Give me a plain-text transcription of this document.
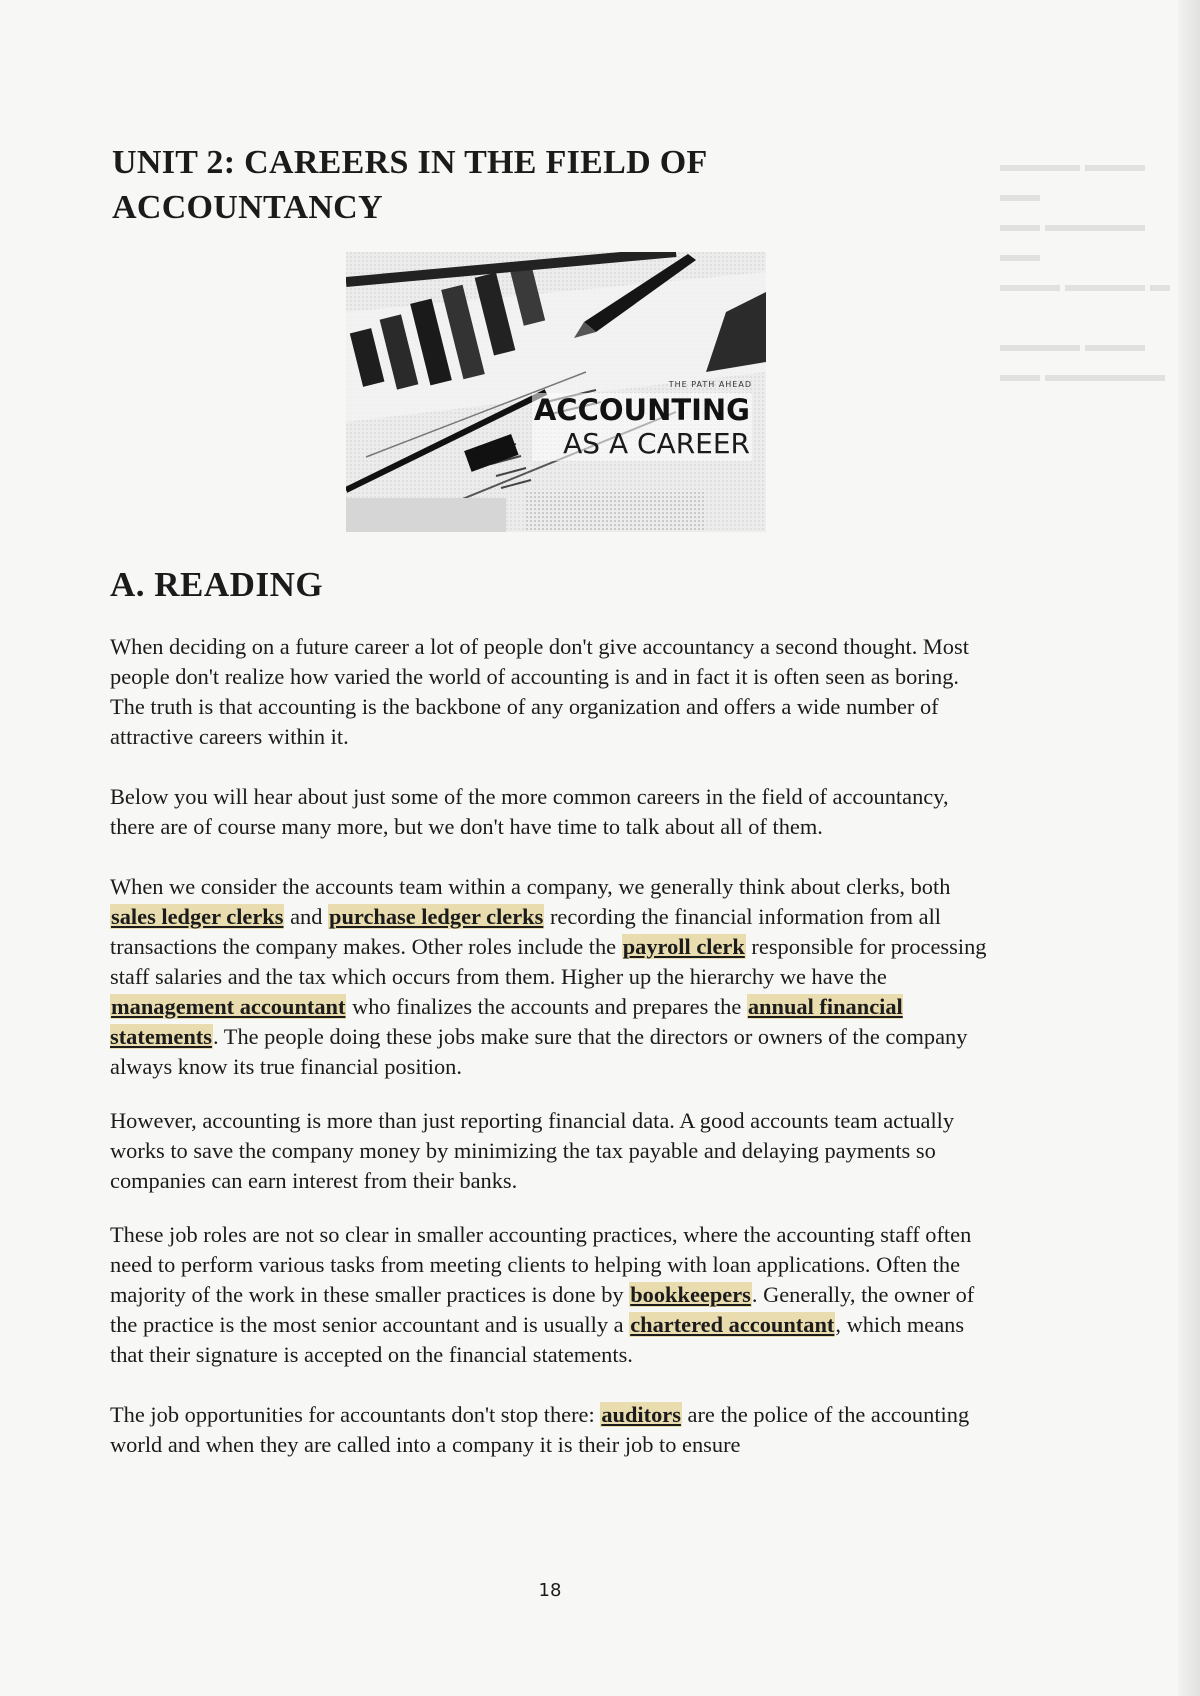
▬▬▬▬ ▬▬▬ ▬▬
▬▬ ▬▬▬▬▬ ▬▬
▬▬▬ ▬▬▬▬ ▬

▬▬▬▬ ▬▬▬
▬▬ ▬▬▬▬▬▬
UNIT 2: CAREERS IN THE FIELD OF
ACCOUNTANCY
THE PATH AHEAD
ACCOUNTING
AS A CAREER
A. READING

When deciding on a future career a lot of people don't give accountancy a second thought. Most people don't realize how varied the world of accounting is and in fact it is often seen as boring. The truth is that accounting is the backbone of any organization and offers a wide number of attractive careers within it.

Below you will hear about just some of the more common careers in the field of accountancy, there are of course many more, but we don't have time to talk about all of them.

When we consider the accounts team within a company, we generally think about clerks, both sales ledger clerks and purchase ledger clerks recording the financial information from all transactions the company makes. Other roles include the payroll clerk responsible for processing staff salaries and the tax which occurs from them. Higher up the hierarchy we have the management accountant who finalizes the accounts and prepares the annual financial statements. The people doing these jobs make sure that the directors or owners of the company always know its true financial position.

However, accounting is more than just reporting financial data. A good accounts team actually works to save the company money by minimizing the tax payable and delaying payments so companies can earn interest from their banks.

These job roles are not so clear in smaller accounting practices, where the accounting staff often need to perform various tasks from meeting clients to helping with loan applications. Often the majority of the work in these smaller practices is done by bookkeepers. Generally, the owner of the practice is the most senior accountant and is usually a chartered accountant, which means that their signature is accepted on the financial statements.

The job opportunities for accountants don't stop there: auditors are the police of the accounting world and when they are called into a company it is their job to ensure

18
